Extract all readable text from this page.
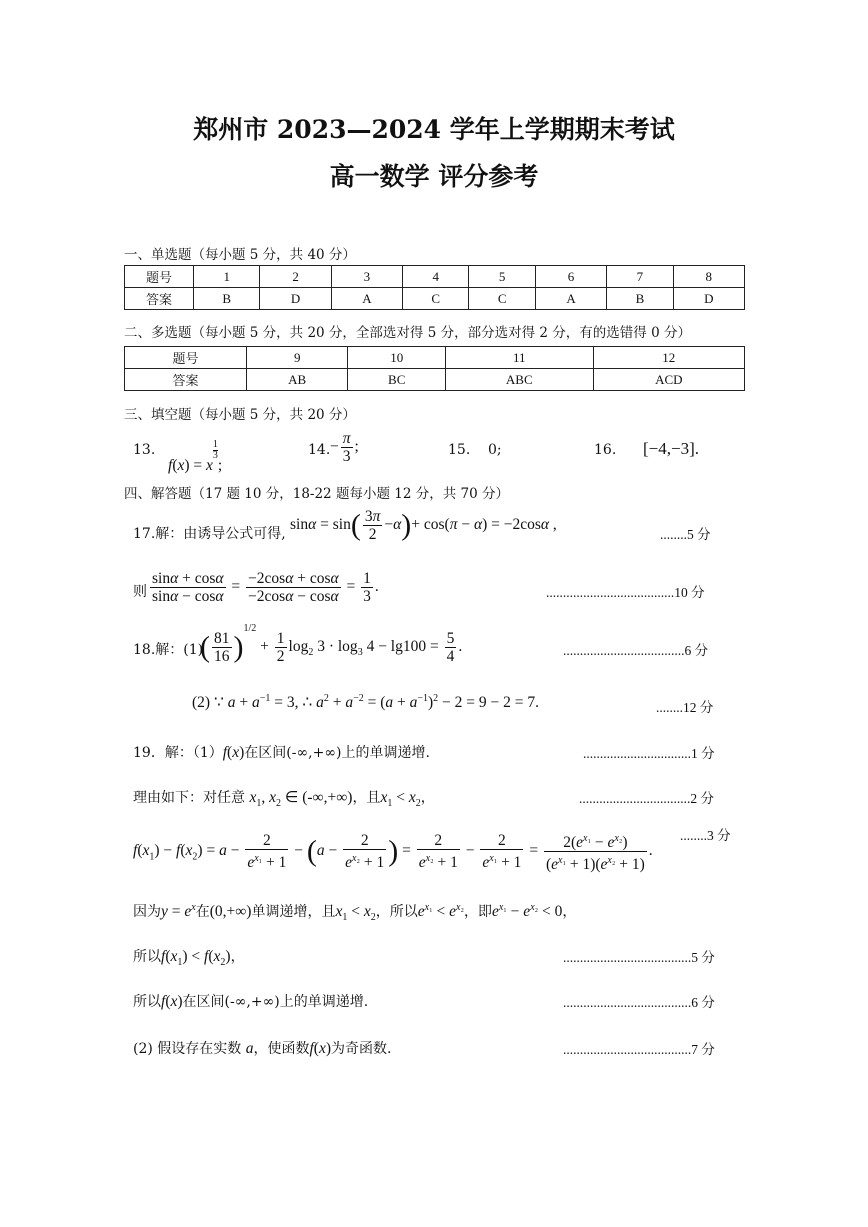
郑州市 2023—2024 学年上学期期末考试
高一数学 评分参考
一、单选题（每小题 5 分，共 40 分）
题号	1	2	3	4	5	6	7	8
答案	B	D	A	C	C	A	B	D
二、多选题（每小题 5 分，共 20 分，全部选对得 5 分，部分选对得 2 分，有的选错得 0 分）
题号	9	10	11	12
答案	AB	BC	ABC	ACD
三、填空题（每小题 5 分，共 20 分）
13.
f(x) = x
$\frac{1}{3}$
;
14. − $\frac{\pi}{3}$ ;	15. 0;	16. [−4,−3].
四、解答题（17 题 10 分，18-22 题每小题 12 分，共 70 分）
17.解：由诱导公式可得,
$\sin\alpha = \sin( \frac{3\pi}{2} -\alpha)+ \cos(\pi - \alpha) = -2\cos\alpha$ ,
........5 分
则 $\frac{\sin\alpha + \cos\alpha}{\sin\alpha - \cos\alpha} = \frac{-2\cos\alpha + \cos\alpha}{-2\cos\alpha - \cos\alpha} = \frac{1}{3}$ .	......................................10 分
18.解：(1)
( $\frac{81}{16} )^{1/2} + \frac{1}{2} \log_2 3 \cdot \log_3 4 - \lg 100 = \frac{5}{4}$ .	....................................6 分
(2) ∵ $a + a^{-1} = 3$, ∴ $a^2 + a^{-2} = (a + a^{-1})^2 - 2 = 9 - 2 = 7$.	........12 分
19．解：（1）f(x)在区间(-∞,+∞)上的单调递增.	................................1 分
理由如下：对任意 $x_1$, $x_2$ ∈ (-∞,+∞)，且$x_1 < x_2$，	.................................2 分
$f(x_1) - f(x_2) = a - \frac{2}{e^{x_1} + 1} - (a - \frac{2}{e^{x_2} + 1}$ ) = $\frac{2}{e^{x_2} + 1} - \frac{2}{e^{x_1} + 1} = \frac{2(e^{x_1} - e^{x_2})}{(e^{x_1} + 1)(e^{x_2} + 1)}$ .
........3 分
因为$y = e^x$在(0,+∞)单调递增，且$x_1 < x_2$，所以$e^{x_1} < e^{x_2}$，即$e^{x_1} - e^{x_2} < 0$，
所以$f(x_1) < f(x_2)$，	......................................5 分
所以f(x)在区间(-∞,+∞)上的单调递增.	......................................6 分
(2) 假设存在实数 a，使函数f(x)为奇函数.	......................................7 分
